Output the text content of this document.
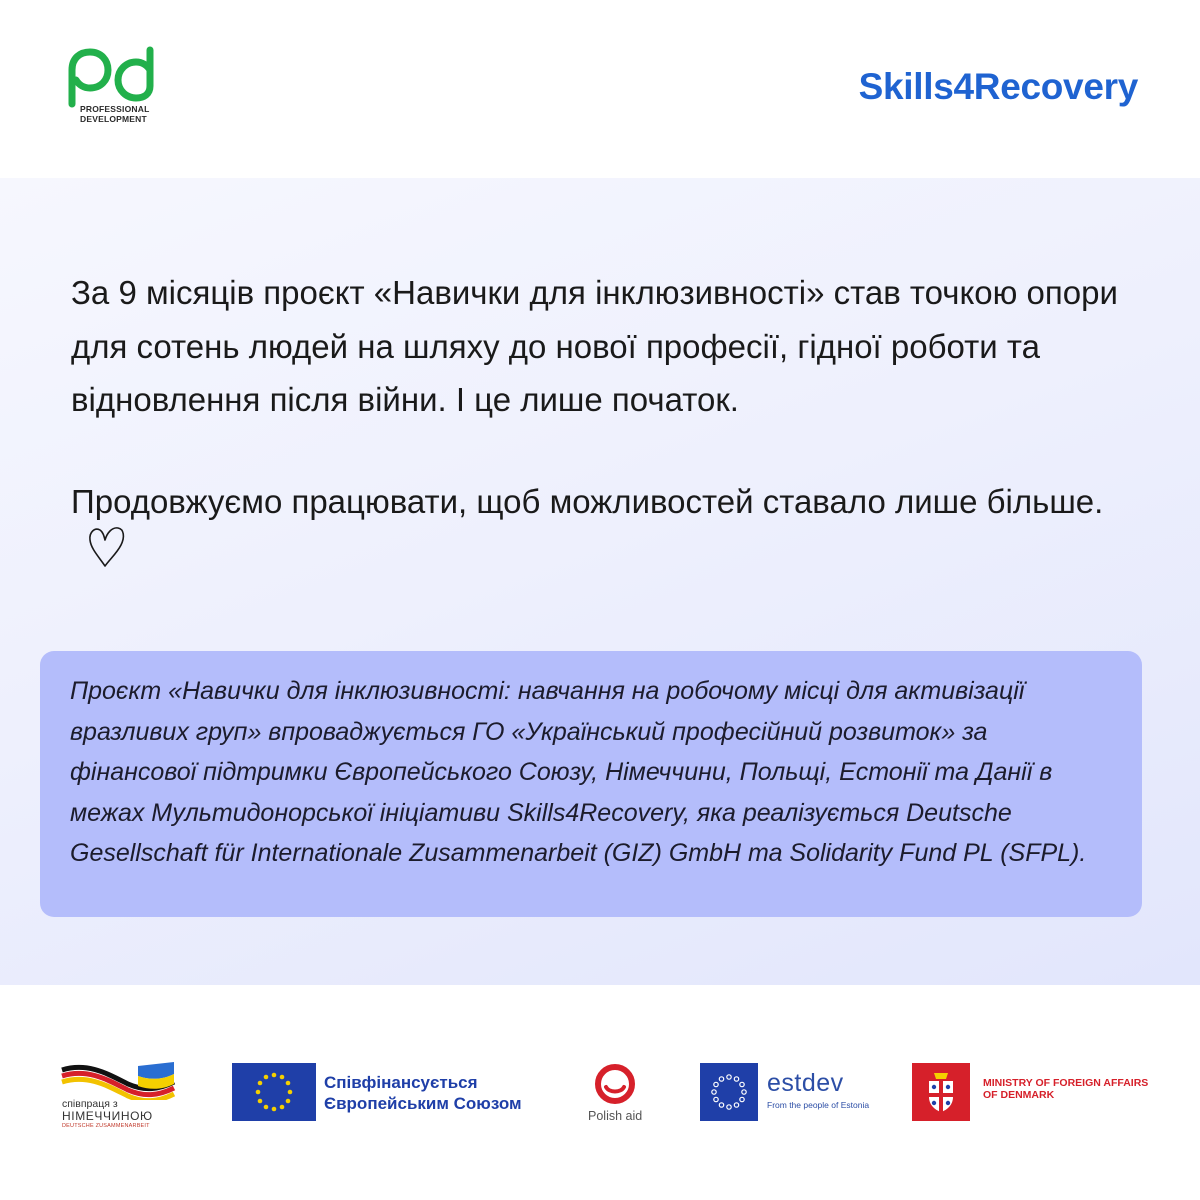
PROFESSIONAL
DEVELOPMENT
Skills4Recovery

За 9 місяців проєкт «Навички для інклюзивності» став точкою опори для сотень людей на шляху до нової професії, гідної роботи та відновлення після війни. І це лише початок.

Продовжуємо працювати, щоб можливостей ставало лише більше.

Проєкт «Навички для інклюзивності: навчання на робочому місці для активізації вразливих груп» впроваджується ГО «Український професійний розвиток» за фінансової підтримки Європейського Союзу, Німеччини, Польщі, Естонії та Данії в межах Мультидонорської ініціативи Skills4Recovery, яка реалізується Deutsche Gesellschaft für Internationale Zusammenarbeit (GIZ) GmbH та Solidarity Fund PL (SFPL).

співпраця з
НІМЕЧЧИНОЮ
DEUTSCHE ZUSAMMENARBEIT
Співфінансується
Європейським Союзом
Polish aid
estdev
From the people of Estonia
MINISTRY OF FOREIGN AFFAIRS
OF DENMARK
